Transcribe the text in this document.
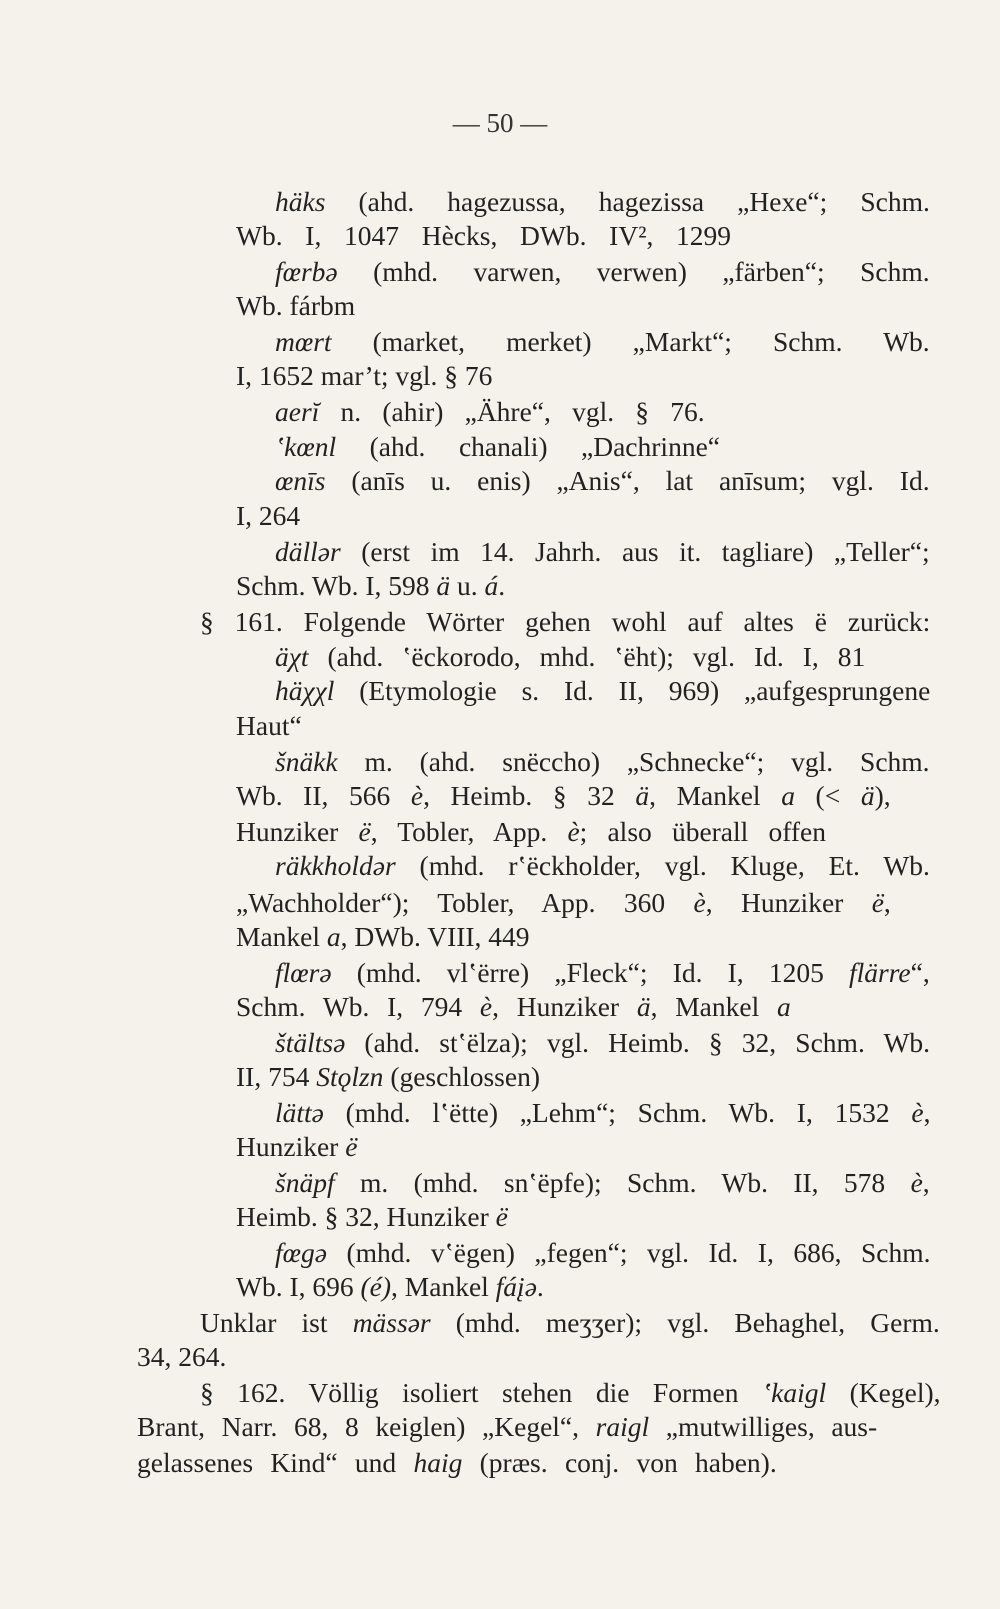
— 50 —
häks (ahd. hagezussa, hagezissa „Hexe“; Schm.
Wb. I, 1047 Hècks, DWb. IV², 1299
fœrbə (mhd. varwen, verwen) „färben“; Schm.
Wb. fárbm
mœrt (market, merket) „Markt“; Schm. Wb.
I, 1652 mar’t; vgl. § 76
aerĭ n. (ahir) „Ähre“, vgl. § 76.
ʽkœnl (ahd. chanali) „Dachrinne“
œnīs (anīs u. enis) „Anis“, lat anīsum; vgl. Id.
I, 264
dällər (erst im 14. Jahrh. aus it. tagliare) „Teller“;
Schm. Wb. I, 598 ä u. á.
§ 161. Folgende Wörter gehen wohl auf altes ë zurück:
äχt (ahd. ʽëckorodo, mhd. ʽëht); vgl. Id. I, 81
häχχl (Etymologie s. Id. II, 969) „aufgesprungene
Haut“
šnäkk m. (ahd. snëccho) „Schnecke“; vgl. Schm.
Wb. II, 566 è, Heimb. § 32 ä, Mankel a (< ä),
Hunziker ë, Tobler, App. è; also überall offen
räkkholdər (mhd. rʽëckholder, vgl. Kluge, Et. Wb.
„Wachholder“); Tobler, App. 360 è, Hunziker ë,
Mankel a, DWb. VIII, 449
flœrə (mhd. vlʽërre) „Fleck“; Id. I, 1205 flärre“,
Schm. Wb. I, 794 è, Hunziker ä, Mankel a
štältsə (ahd. stʽëlza); vgl. Heimb. § 32, Schm. Wb.
II, 754 Stǫlzn (geschlossen)
lättə (mhd. lʽëtte) „Lehm“; Schm. Wb. I, 1532 è,
Hunziker ë
šnäpf m. (mhd. snʽëpfe); Schm. Wb. II, 578 è,
Heimb. § 32, Hunziker ë
fœgə (mhd. vʽëgen) „fegen“; vgl. Id. I, 686, Schm.
Wb. I, 696 (é), Mankel fáįə.
Unklar ist mässər (mhd. meʒʒer); vgl. Behaghel, Germ.
34, 264.
§ 162. Völlig isoliert stehen die Formen ʽkaigl (Kegel),
Brant, Narr. 68, 8 keiglen) „Kegel“, raigl „mutwilliges, aus-
gelassenes Kind“ und haig (præs. conj. von haben).
